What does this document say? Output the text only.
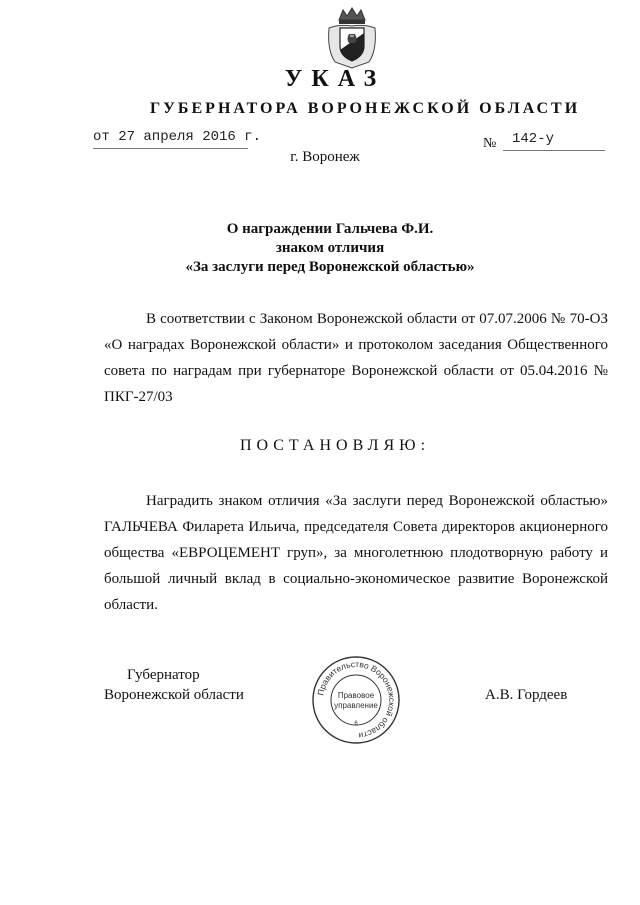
УКАЗ
ГУБЕРНАТОРА ВОРОНЕЖСКОЙ ОБЛАСТИ
от 27 апреля 2016 г.	№ 142-у
г. Воронеж
О награждении Гальчева Ф.И.
знаком отличия
«За заслуги перед Воронежской областью»
В соответствии с Законом Воронежской области от 07.07.2006 № 70-ОЗ «О наградах Воронежской области» и протоколом заседания Общественного совета по наградам при губернаторе Воронежской области от 05.04.2016 № ПКГ-27/03
ПОСТАНОВЛЯЮ:
Наградить знаком отличия «За заслуги перед Воронежской областью» ГАЛЬЧЕВА Филарета Ильича, председателя Совета директоров акционерного общества «ЕВРОЦЕМЕНТ груп», за многолетнюю плодотворную работу и большой личный вклад в социально-экономическое развитие Воронежской области.
Губернатор
Воронежской области	Правительство Воронежской области
Правовое
управление
6
А.В. Гордеев
